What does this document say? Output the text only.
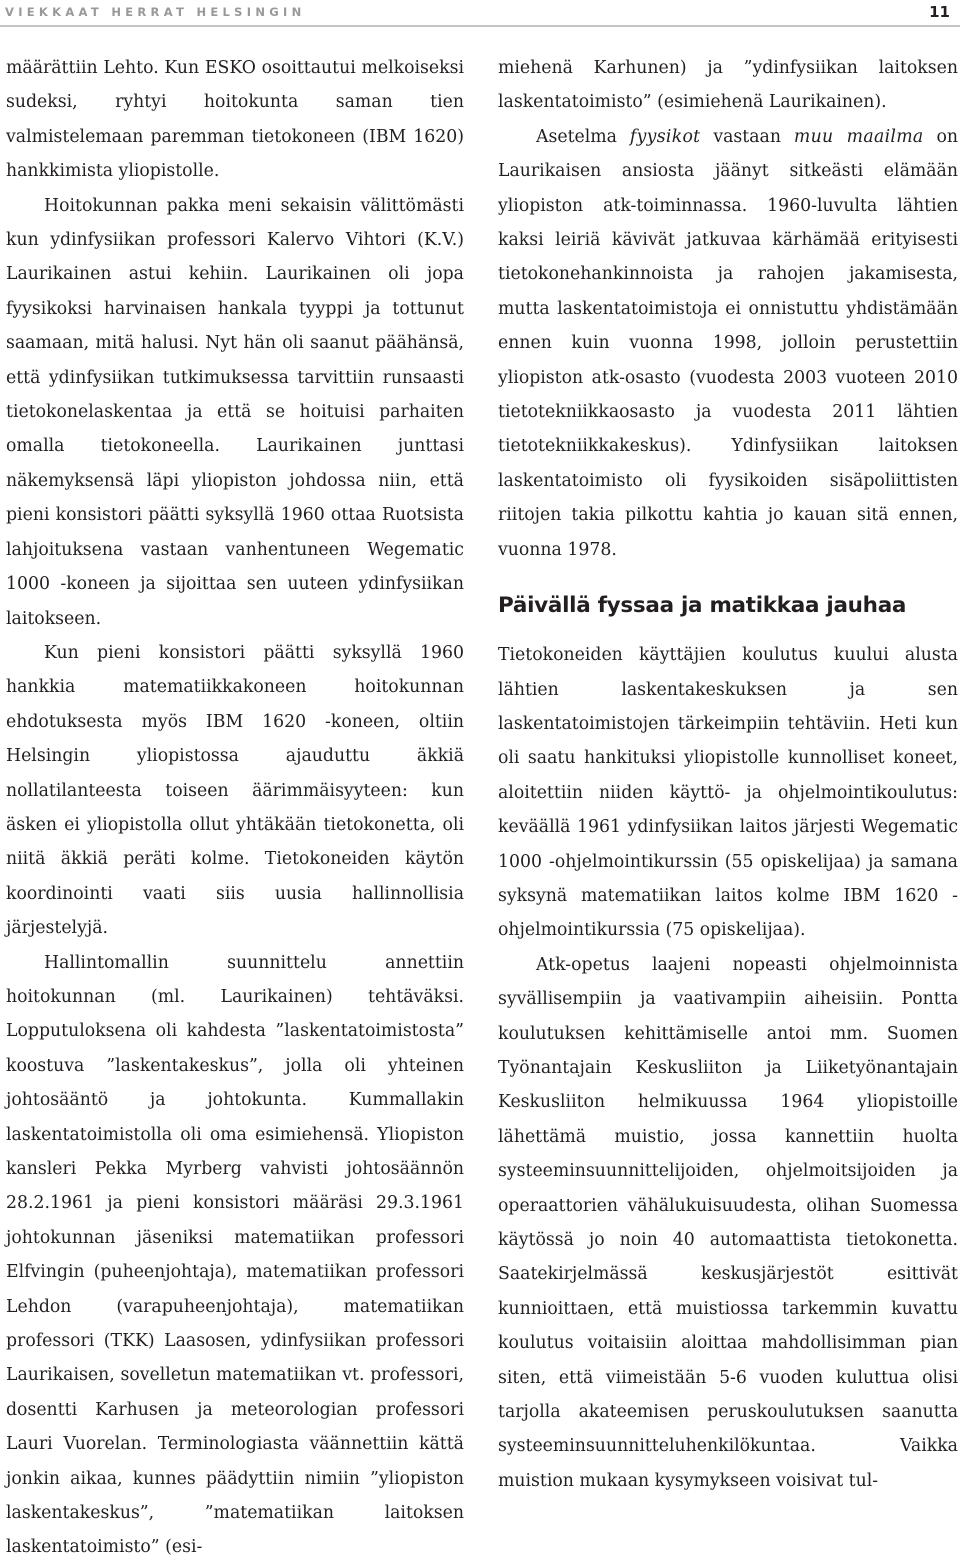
VIEKKAAT HERRAT HELSINGIN	11

määrättiin Lehto. Kun ESKO osoittautui melkoiseksi sudeksi, ryhtyi hoitokunta saman tien valmistelemaan paremman tietokoneen (IBM 1620) hankkimista yliopistolle.

Hoitokunnan pakka meni sekaisin välittömästi kun ydinfysiikan professori Kalervo Vihtori (K.V.) Laurikainen astui kehiin. Laurikainen oli jopa fyysikoksi harvinaisen hankala tyyppi ja tottunut saamaan, mitä halusi. Nyt hän oli saanut päähänsä, että ydinfysiikan tutkimuksessa tarvittiin runsaasti tietokonelaskentaa ja että se hoituisi parhaiten omalla tietokoneella. Laurikainen junttasi näkemyksensä läpi yliopiston johdossa niin, että pieni konsistori päätti syksyllä 1960 ottaa Ruotsista lahjoituksena vastaan vanhentuneen Wegematic 1000 -koneen ja sijoittaa sen uuteen ydinfysiikan laitokseen.

Kun pieni konsistori päätti syksyllä 1960 hankkia matematiikkakoneen hoitokunnan ehdotuksesta myös IBM 1620 -koneen, oltiin Helsingin yliopistossa ajauduttu äkkiä nollatilanteesta toiseen äärimmäisyyteen: kun äsken ei yliopistolla ollut yhtäkään tietokonetta, oli niitä äkkiä peräti kolme. Tietokoneiden käytön koordinointi vaati siis uusia hallinnollisia järjestelyjä.

Hallintomallin suunnittelu annettiin hoitokunnan (ml. Laurikainen) tehtäväksi. Lopputuloksena oli kahdesta ”laskentatoimistosta” koostuva ”laskentakeskus”, jolla oli yhteinen johtosääntö ja johtokunta. Kummallakin laskentatoimistolla oli oma esimiehensä. Yliopiston kansleri Pekka Myrberg vahvisti johtosäännön 28.2.1961 ja pieni konsistori määräsi 29.3.1961 johtokunnan jäseniksi matematiikan professori Elfvingin (puheenjohtaja), matematiikan professori Lehdon (varapuheenjohtaja), matematiikan professori (TKK) Laasosen, ydinfysiikan professori Laurikaisen, sovelletun matematiikan vt. professori, dosentti Karhusen ja meteorologian professori Lauri Vuorelan. Terminologiasta väännettiin kättä jonkin aikaa, kunnes päädyttiin nimiin ”yliopiston laskentakeskus”, ”matematiikan laitoksen laskentatoimisto” (esi-

miehenä Karhunen) ja ”ydinfysiikan laitoksen laskentatoimisto” (esimiehenä Laurikainen).

Asetelma fyysikot vastaan muu maailma on Laurikaisen ansiosta jäänyt sitkeästi elämään yliopiston atk-toiminnassa. 1960-luvulta lähtien kaksi leiriä kävivät jatkuvaa kärhämää erityisesti tietokonehankinnoista ja rahojen jakamisesta, mutta laskentatoimistoja ei onnistuttu yhdistämään ennen kuin vuonna 1998, jolloin perustettiin yliopiston atk-osasto (vuodesta 2003 vuoteen 2010 tietotekniikkaosasto ja vuodesta 2011 lähtien tietotekniikkakeskus). Ydinfysiikan laitoksen laskentatoimisto oli fyysikoiden sisäpoliittisten riitojen takia pilkottu kahtia jo kauan sitä ennen, vuonna 1978.

Päivällä fyssaa ja matikkaa jauhaa

Tietokoneiden käyttäjien koulutus kuului alusta lähtien laskentakeskuksen ja sen laskentatoimistojen tärkeimpiin tehtäviin. Heti kun oli saatu hankituksi yliopistolle kunnolliset koneet, aloitettiin niiden käyttö- ja ohjelmointikoulutus: keväällä 1961 ydinfysiikan laitos järjesti Wegematic 1000 -ohjelmointikurssin (55 opiskelijaa) ja samana syksynä matematiikan laitos kolme IBM 1620 -ohjelmointikurssia (75 opiskelijaa).

Atk-opetus laajeni nopeasti ohjelmoinnista syvällisempiin ja vaativampiin aiheisiin. Pontta koulutuksen kehittämiselle antoi mm. Suomen Työnantajain Keskusliiton ja Liiketyönantajain Keskusliiton helmikuussa 1964 yliopistoille lähettämä muistio, jossa kannettiin huolta systeeminsuunnittelijoiden, ohjelmoitsijoiden ja operaattorien vähälukuisuudesta, olihan Suomessa käytössä jo noin 40 automaattista tietokonetta. Saatekirjelmässä keskusjärjestöt esittivät kunnioittaen, että muistiossa tarkemmin kuvattu koulutus voitaisiin aloittaa mahdollisimman pian siten, että viimeistään 5-6 vuoden kuluttua olisi tarjolla akateemisen peruskoulutuksen saanutta systeeminsuunnitteluhenkilökuntaa. Vaikka muistion mukaan kysymykseen voisivat tul-
